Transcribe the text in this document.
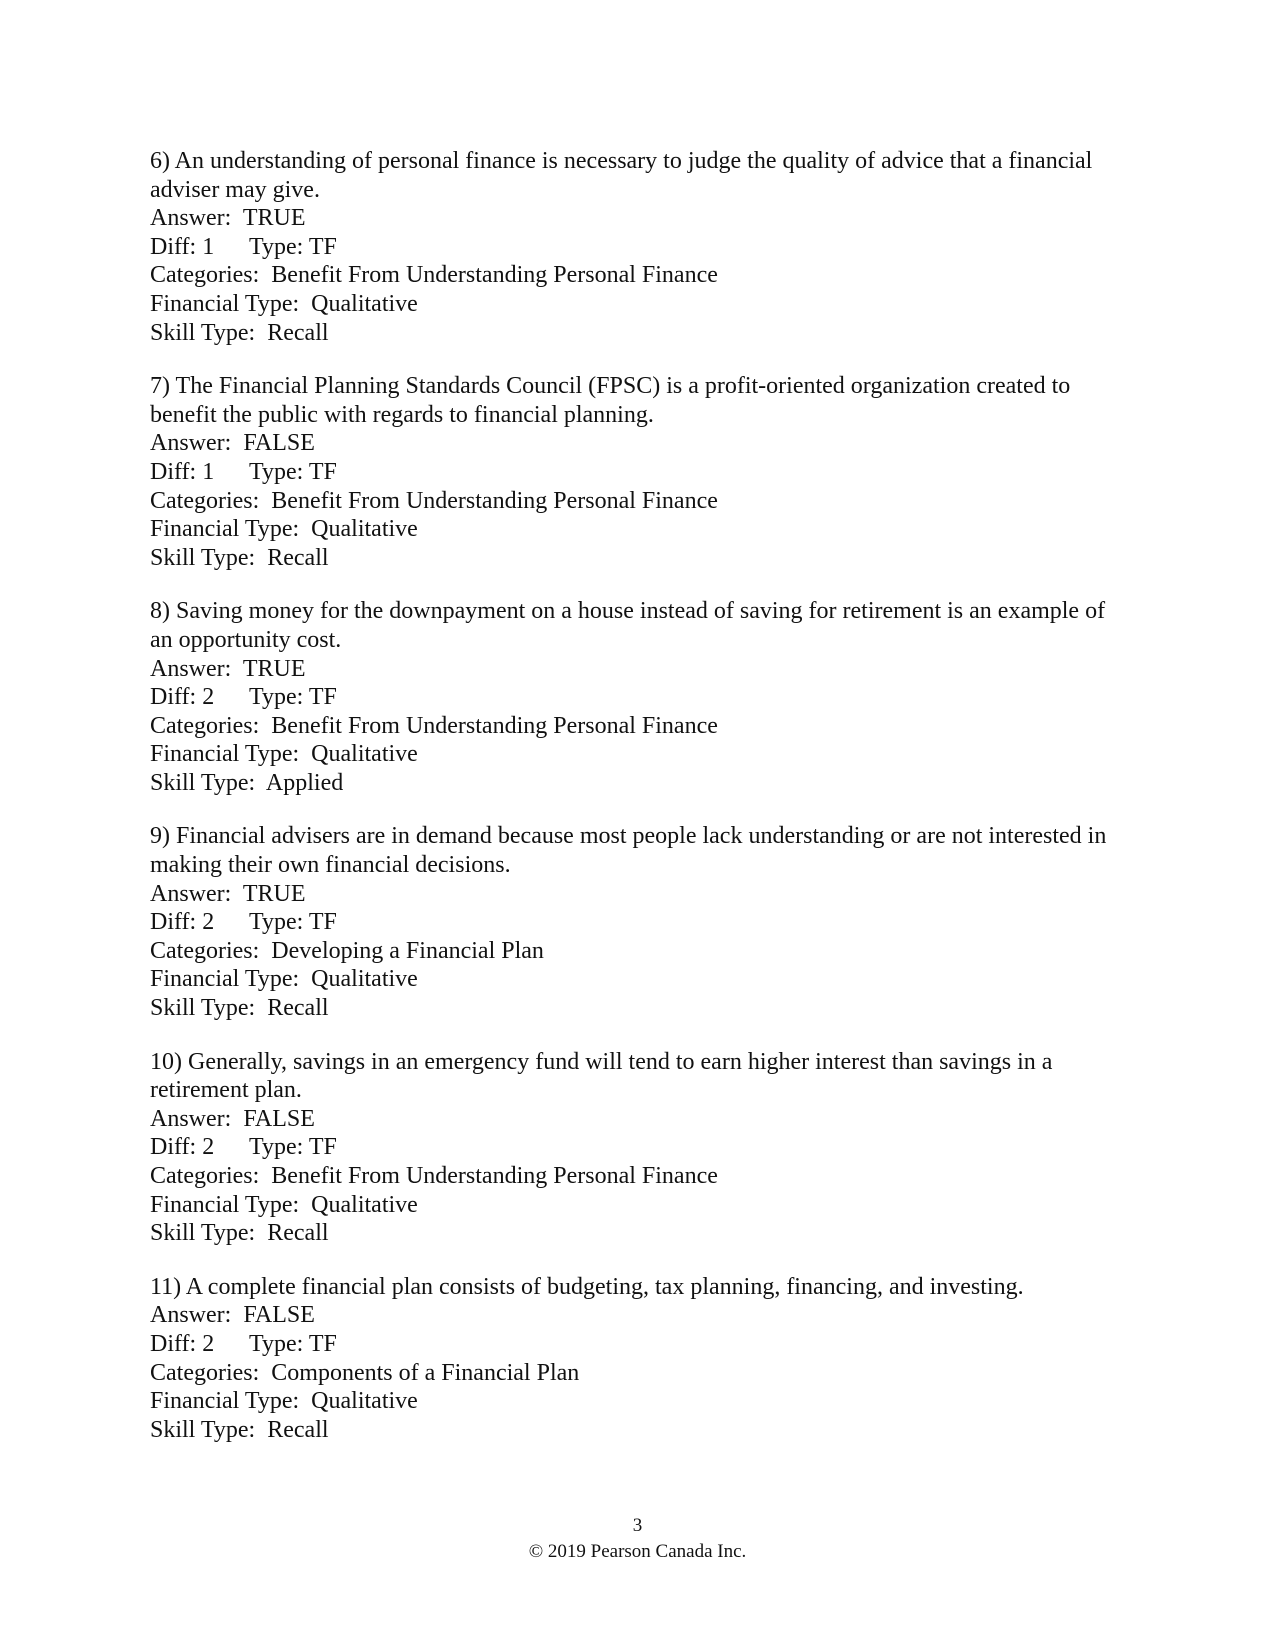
6) An understanding of personal finance is necessary to judge the quality of advice that a financial adviser may give.
Answer:  TRUE
Diff: 1 Type: TF
Categories:  Benefit From Understanding Personal Finance
Financial Type:  Qualitative
Skill Type:  Recall
7) The Financial Planning Standards Council (FPSC) is a profit-oriented organization created to benefit the public with regards to financial planning.
Answer:  FALSE
Diff: 1 Type: TF
Categories:  Benefit From Understanding Personal Finance
Financial Type:  Qualitative
Skill Type:  Recall
8) Saving money for the downpayment on a house instead of saving for retirement is an example of an opportunity cost.
Answer:  TRUE
Diff: 2 Type: TF
Categories:  Benefit From Understanding Personal Finance
Financial Type:  Qualitative
Skill Type:  Applied
9) Financial advisers are in demand because most people lack understanding or are not interested in making their own financial decisions.
Answer:  TRUE
Diff: 2 Type: TF
Categories:  Developing a Financial Plan
Financial Type:  Qualitative
Skill Type:  Recall
10) Generally, savings in an emergency fund will tend to earn higher interest than savings in a retirement plan.
Answer:  FALSE
Diff: 2 Type: TF
Categories:  Benefit From Understanding Personal Finance
Financial Type:  Qualitative
Skill Type:  Recall
11) A complete financial plan consists of budgeting, tax planning, financing, and investing.
Answer:  FALSE
Diff: 2 Type: TF
Categories:  Components of a Financial Plan
Financial Type:  Qualitative
Skill Type:  Recall
3
© 2019 Pearson Canada Inc.
